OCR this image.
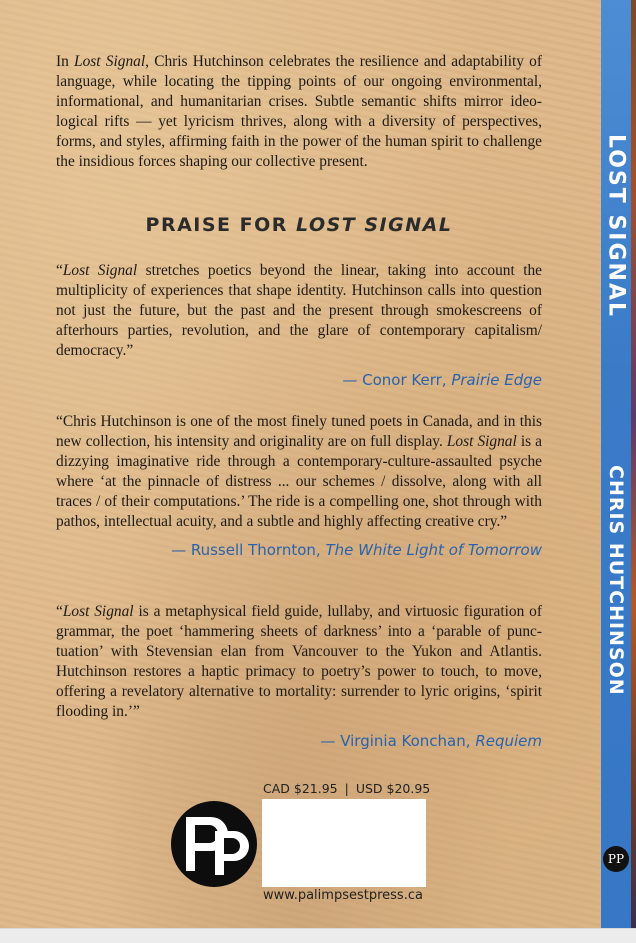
In Lost Signal, Chris Hutchinson celebrates the resilience and adaptability of language, while locating the tipping points of our ongoing environmental, informational, and humanitarian crises. Subtle semantic shifts mirror ideological rifts — yet lyricism thrives, along with a diversity of perspectives, forms, and styles, affirming faith in the power of the human spirit to challenge the insidious forces shaping our collective present.

PRAISE FOR LOST SIGNAL

“Lost Signal stretches poetics beyond the linear, taking into account the multiplicity of experiences that shape identity. Hutchinson calls into question not just the future, but the past and the present through smokescreens of afterhours parties, revolution, and the glare of contemporary capitalism/​democracy.”

— Conor Kerr, Prairie Edge

“Chris Hutchinson is one of the most finely tuned poets in Canada, and in this new collection, his intensity and originality are on full display. Lost Signal is a dizzying imaginative ride through a contemporary-culture-assaulted psyche where ‘at the pinnacle of distress ... our schemes / dissolve, along with all traces / of their computations.’ The ride is a compelling one, shot through with pathos, intellectual acuity, and a subtle and highly affecting creative cry.”

— Russell Thornton, The White Light of Tomorrow

“Lost Signal is a metaphysical field guide, lullaby, and virtuosic figuration of grammar, the poet ‘hammering sheets of darkness’ into a ‘parable of punctuation’ with Stevensian elan from Vancouver to the Yukon and Atlantis. Hutchinson restores a haptic primacy to poetry’s power to touch, to move, offering a revelatory alternative to mortality: surrender to lyric origins, ‘spirit flooding in.’”

— Virginia Konchan, Requiem

CAD $21.95 | USD $20.95
www.palimpsestpress.ca
LOST SIGNAL
CHRIS HUTCHINSON
PP
